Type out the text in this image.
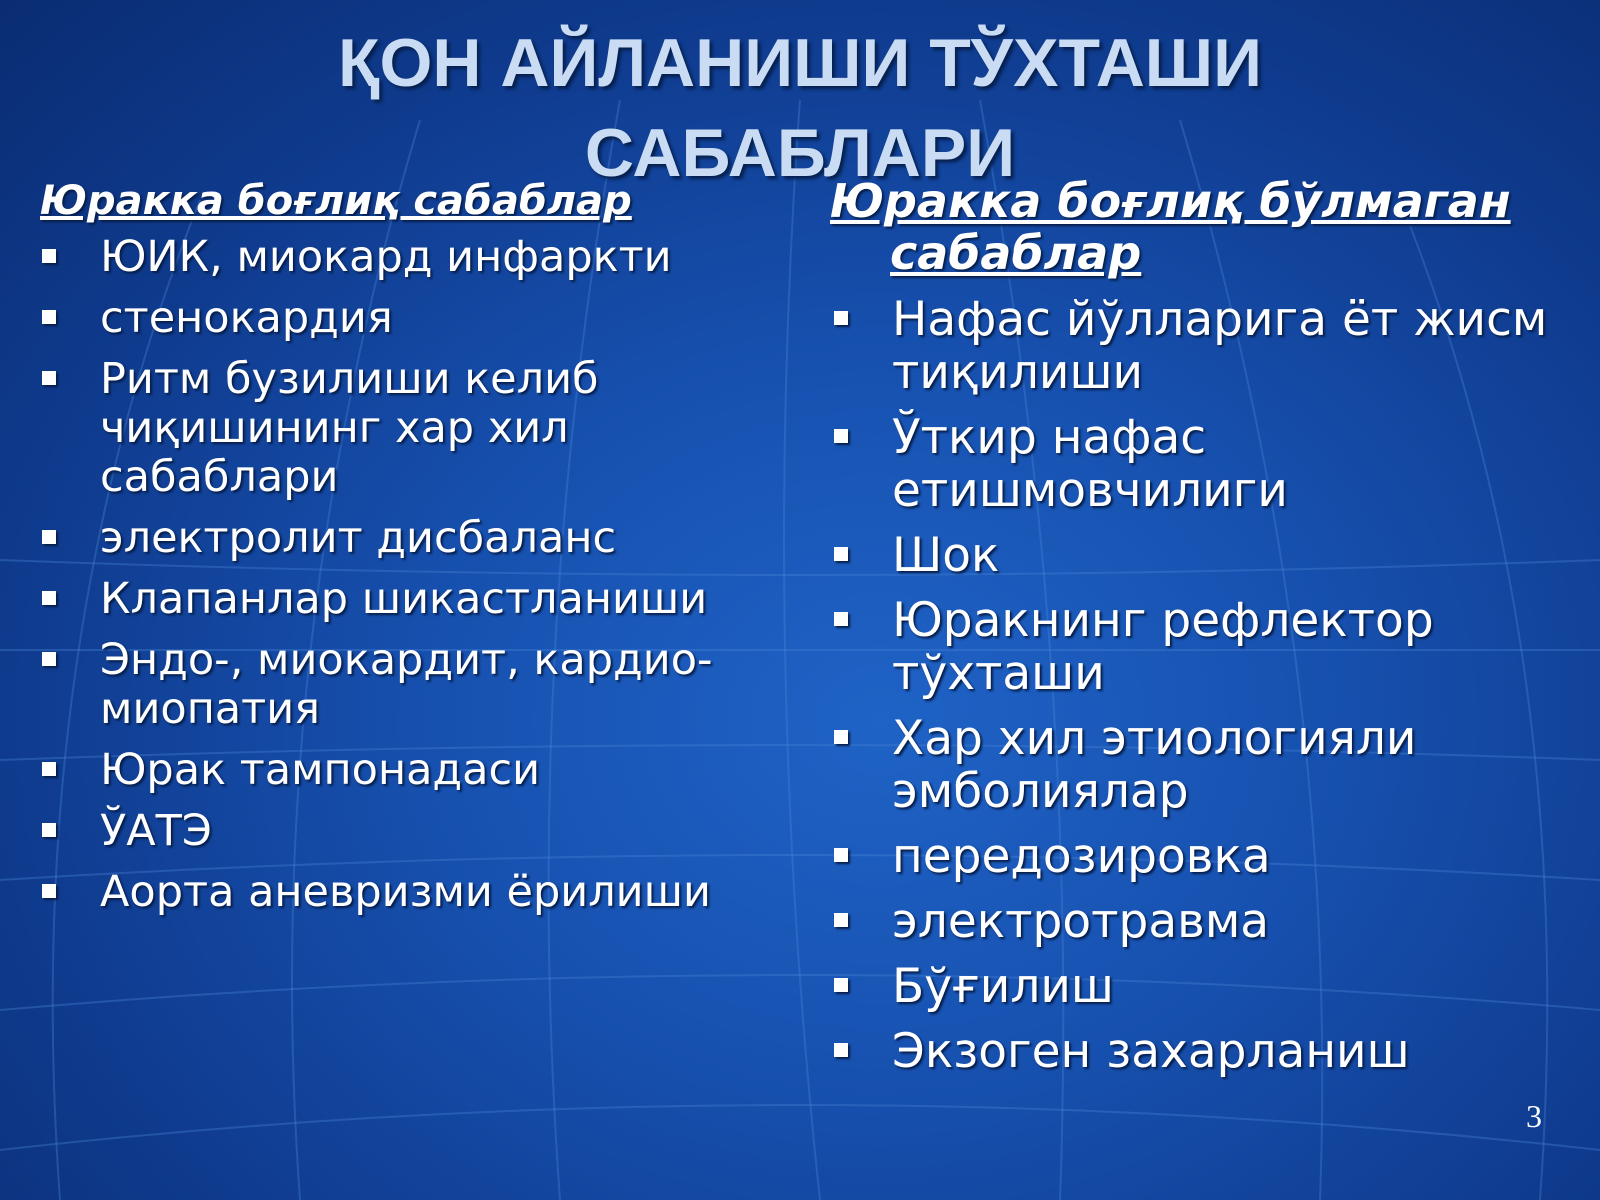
ҚОН АЙЛАНИШИ ТЎХТАШИ
САБАБЛАРИ
Юракка боғлиқ сабаблар
ЮИК, миокард инфаркти
стенокардия
Ритм бузилиши келиб чиқишининг хар хил сабаблари
электролит дисбаланс
Клапанлар шикастланиши
Эндо-, миокардит, кардио-миопатия
Юрак тампонадаси
ЎАТЭ
Аорта аневризми ёрилиши
Юракка боғлиқ бўлмаган сабаблар
Нафас йўлларига ёт жисм тиқилиши
Ўткир нафас етишмовчилиги
Шок
Юракнинг рефлектор тўхташи
Хар хил этиологияли эмболиялар
передозировка
электротравма
Бўғилиш
Экзоген захарланиш
3
